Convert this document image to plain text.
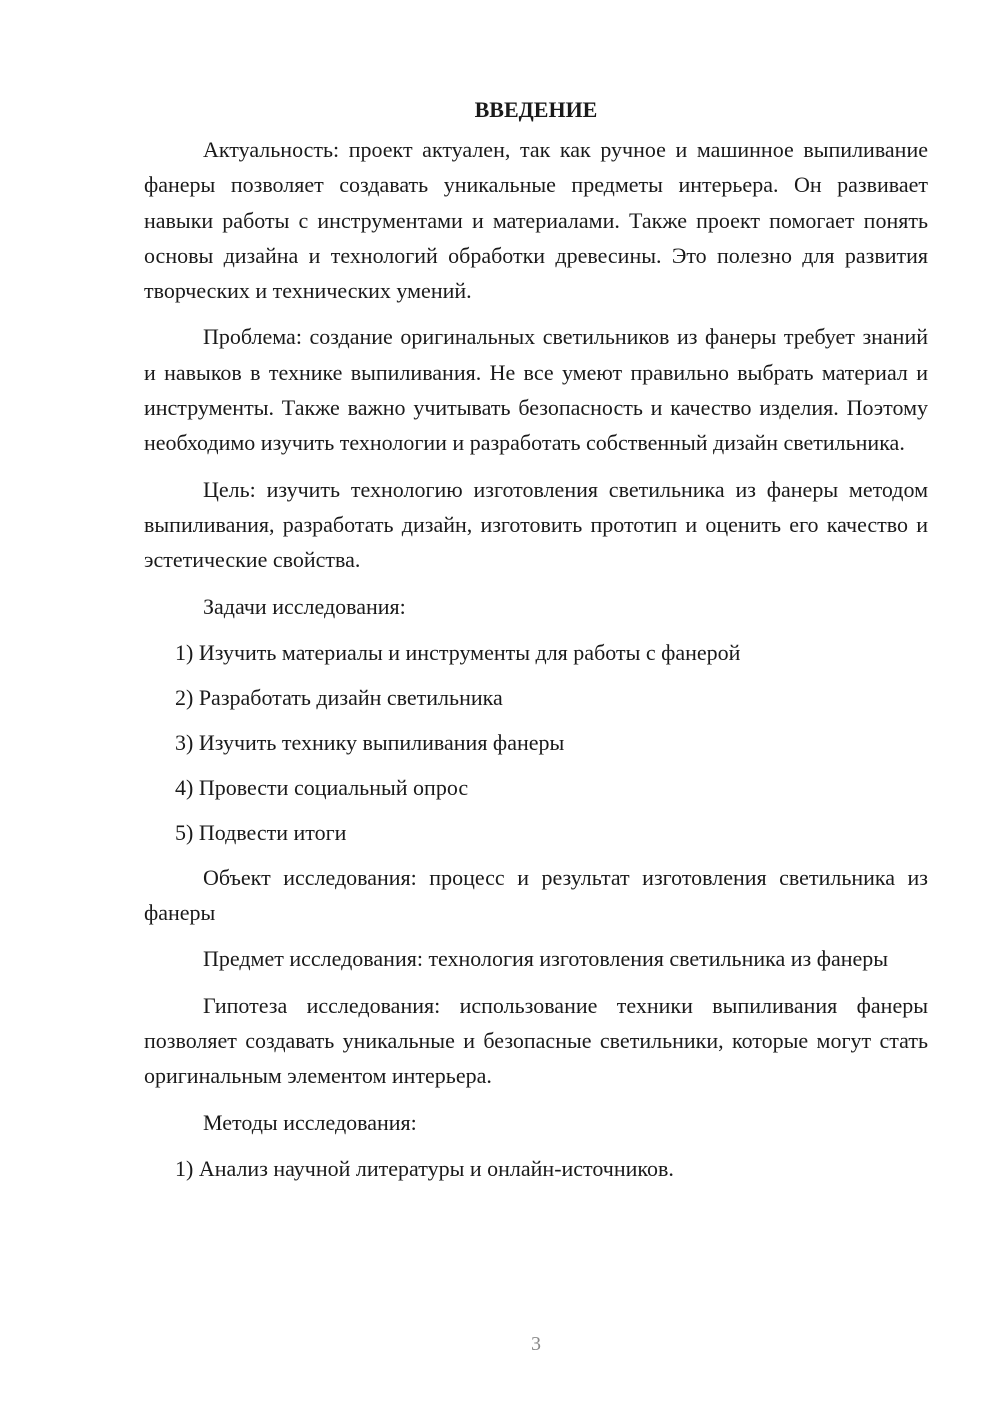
ВВЕДЕНИЕ

Актуальность: проект актуален, так как ручное и машинное выпиливание фанеры позволяет создавать уникальные предметы интерьера. Он развивает навыки работы с инструментами и материалами. Также проект помогает понять основы дизайна и технологий обработки древесины. Это полезно для развития творческих и технических умений.

Проблема: создание оригинальных светильников из фанеры требует знаний и навыков в технике выпиливания. Не все умеют правильно выбрать материал и инструменты. Также важно учитывать безопасность и качество изделия. Поэтому необходимо изучить технологии и разработать собственный дизайн светильника.

Цель: изучить технологию изготовления светильника из фанеры методом выпиливания, разработать дизайн, изготовить прототип и оценить его качество и эстетические свойства.

Задачи исследования:

1) Изучить материалы и инструменты для работы с фанерой
2) Разработать дизайн светильника
3) Изучить технику выпиливания фанеры
4) Провести социальный опрос
5) Подвести итоги

Объект исследования: процесс и результат изготовления светильника из фанеры

Предмет исследования: технология изготовления светильника из фанеры

Гипотеза исследования: использование техники выпиливания фанеры позволяет создавать уникальные и безопасные светильники, которые могут стать оригинальным элементом интерьера.

Методы исследования:

1) Анализ научной литературы и онлайн-источников.
3
